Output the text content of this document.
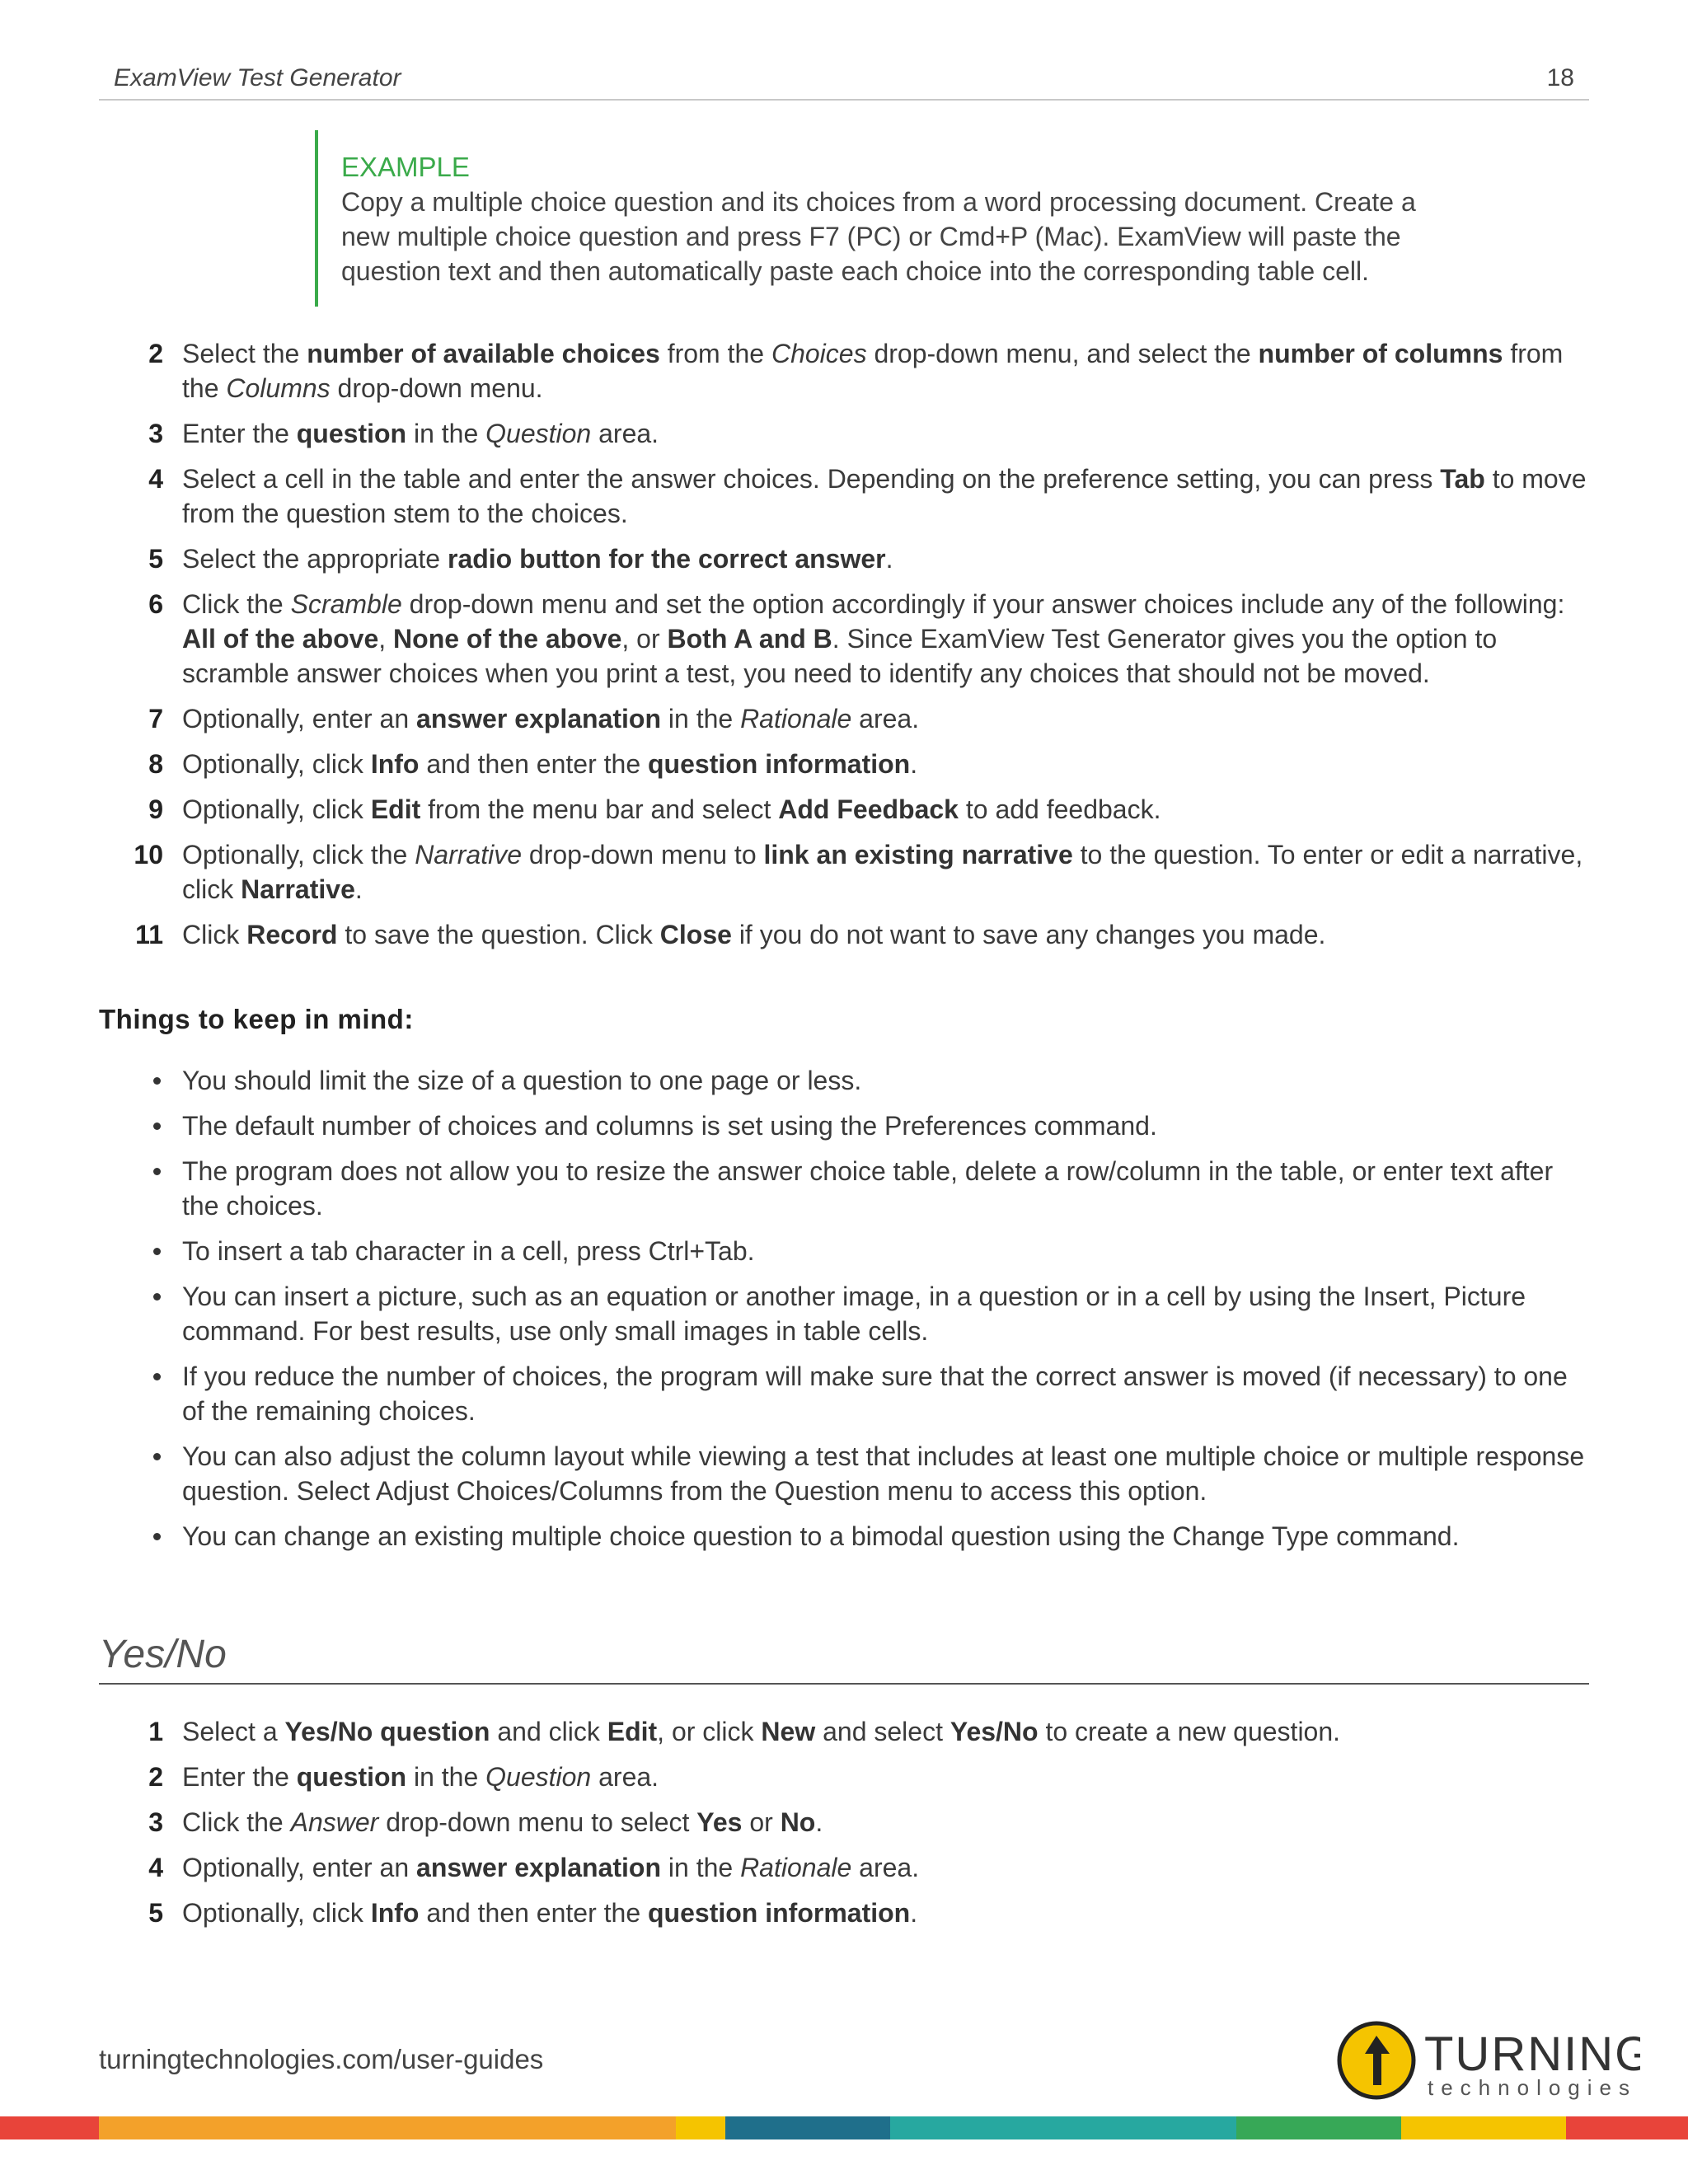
ExamView Test Generator	18
EXAMPLE
Copy a multiple choice question and its choices from a word processing document. Create a
new multiple choice question and press F7 (PC) or Cmd+P (Mac). ExamView will paste the
question text and then automatically paste each choice into the corresponding table cell.
2 Select the number of available choices from the Choices drop-down menu, and select the number of columns from the Columns drop-down menu.
3 Enter the question in the Question area.
4 Select a cell in the table and enter the answer choices. Depending on the preference setting, you can press Tab to move from the question stem to the choices.
5 Select the appropriate radio button for the correct answer.
6 Click the Scramble drop-down menu and set the option accordingly if your answer choices include any of the following: All of the above, None of the above, or Both A and B. Since ExamView Test Generator gives you the option to scramble answer choices when you print a test, you need to identify any choices that should not be moved.
7 Optionally, enter an answer explanation in the Rationale area.
8 Optionally, click Info and then enter the question information.
9 Optionally, click Edit from the menu bar and select Add Feedback to add feedback.
10 Optionally, click the Narrative drop-down menu to link an existing narrative to the question. To enter or edit a narrative, click Narrative.
11 Click Record to save the question. Click Close if you do not want to save any changes you made.
Things to keep in mind:
You should limit the size of a question to one page or less.
The default number of choices and columns is set using the Preferences command.
The program does not allow you to resize the answer choice table, delete a row/column in the table, or enter text after the choices.
To insert a tab character in a cell, press Ctrl+Tab.
You can insert a picture, such as an equation or another image, in a question or in a cell by using the Insert, Picture command. For best results, use only small images in table cells.
If you reduce the number of choices, the program will make sure that the correct answer is moved (if necessary) to one of the remaining choices.
You can also adjust the column layout while viewing a test that includes at least one multiple choice or multiple response question. Select Adjust Choices/Columns from the Question menu to access this option.
You can change an existing multiple choice question to a bimodal question using the Change Type command.
Yes/No
1 Select a Yes/No question and click Edit, or click New and select Yes/No to create a new question.
2 Enter the question in the Question area.
3 Click the Answer drop-down menu to select Yes or No.
4 Optionally, enter an answer explanation in the Rationale area.
5 Optionally, click Info and then enter the question information.
turningtechnologies.com/user-guides	TURNING
technologies
